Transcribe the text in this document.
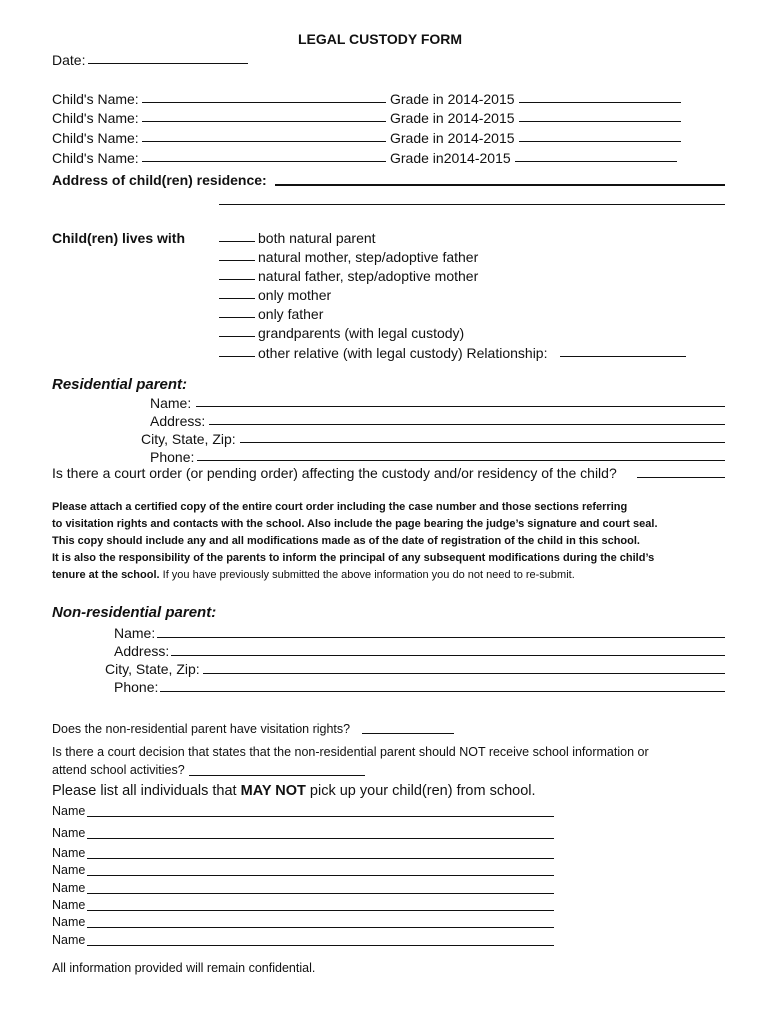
LEGAL CUSTODY FORM
Date:
Child's Name:	Grade in 2014-2015
Child's Name:	Grade in 2014-2015
Child's Name:	Grade in 2014-2015
Child's Name:	Grade in2014-2015
Address of child(ren) residence:
Child(ren) lives with	both natural parent
natural mother, step/adoptive father
natural father, step/adoptive mother
only mother
only father
grandparents (with legal custody)
other relative (with legal custody) Relationship:
Residential parent:
Name:
Address:
City, State, Zip:
Phone:
Is there a court order (or pending order) affecting the custody and/or residency of the child?
Please attach a certified copy of the entire court order including the case number and those sections referring
to visitation rights and contacts with the school. Also include the page bearing the judge’s signature and court seal.
This copy should include any and all modifications made as of the date of registration of the child in this school.
It is also the responsibility of the parents to inform the principal of any subsequent modifications during the child’s
tenure at the school. If you have previously submitted the above information you do not need to re-submit.
Non-residential parent:
Name:
Address:
City, State, Zip:
Phone:
Does the non-residential parent have visitation rights?
Is there a court decision that states that the non-residential parent should NOT receive school information or
attend school activities?
Please list all individuals that MAY NOT pick up your child(ren) from school.
Name
Name
Name
Name
Name
Name
Name
Name
All information provided will remain confidential.
